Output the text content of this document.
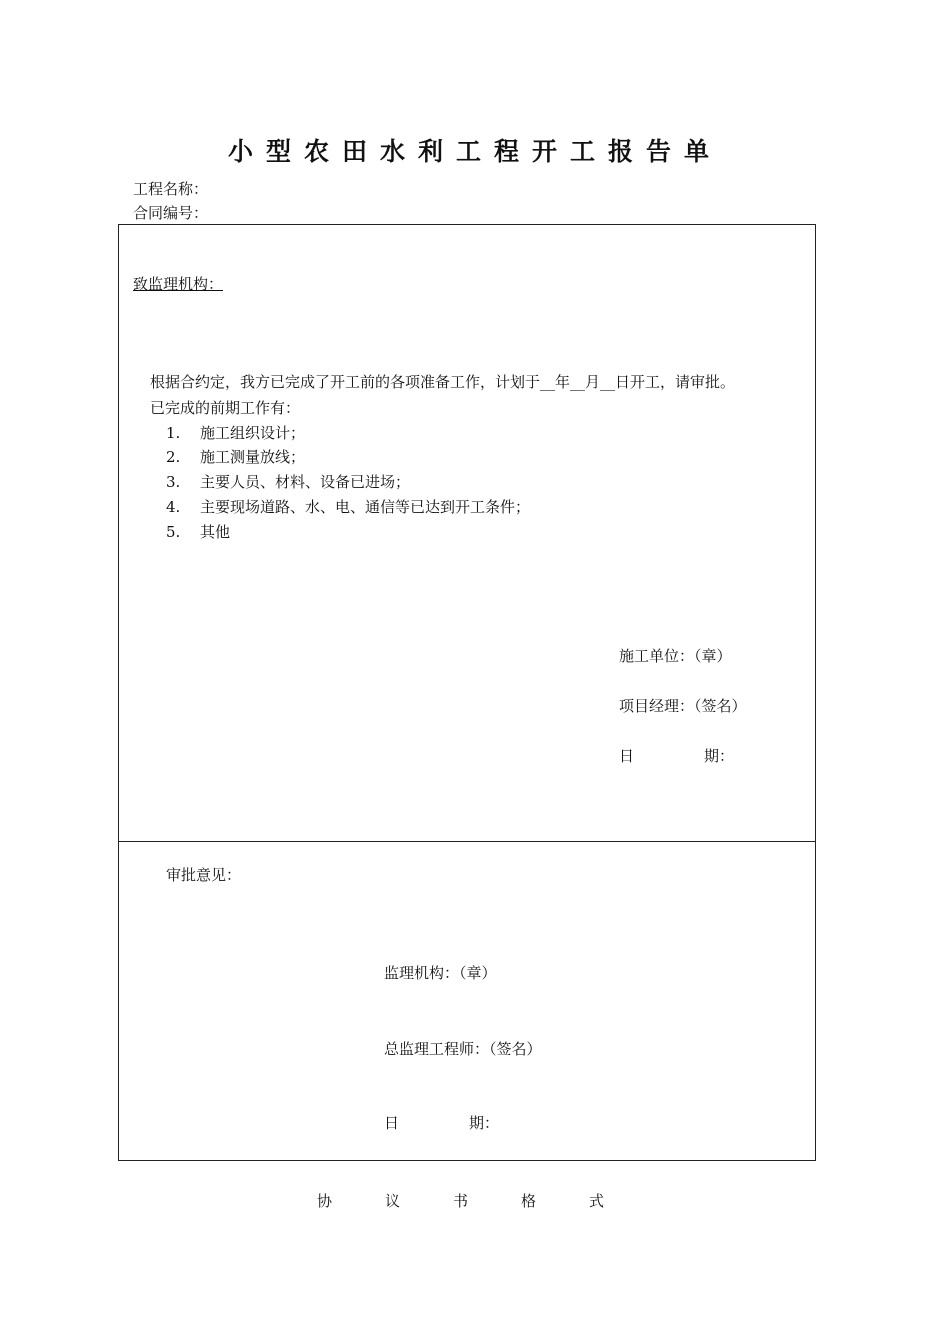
小型农田水利工程开工报告单
工程名称：
合同编号：
致监理机构：
根据合约定，我方已完成了开工前的各项准备工作，计划于__年__月__日开工，请审批。
已完成的前期工作有：
1. 施工组织设计；
2. 施工测量放线；
3. 主要人员、材料、设备已进场；
4. 主要现场道路、水、电、通信等已达到开工条件；
5. 其他
施工单位：（章）
项目经理：（签名）
日	期：
审批意见：
监理机构：（章）
总监理工程师：（签名）
日	期：
协	议	书	格	式
